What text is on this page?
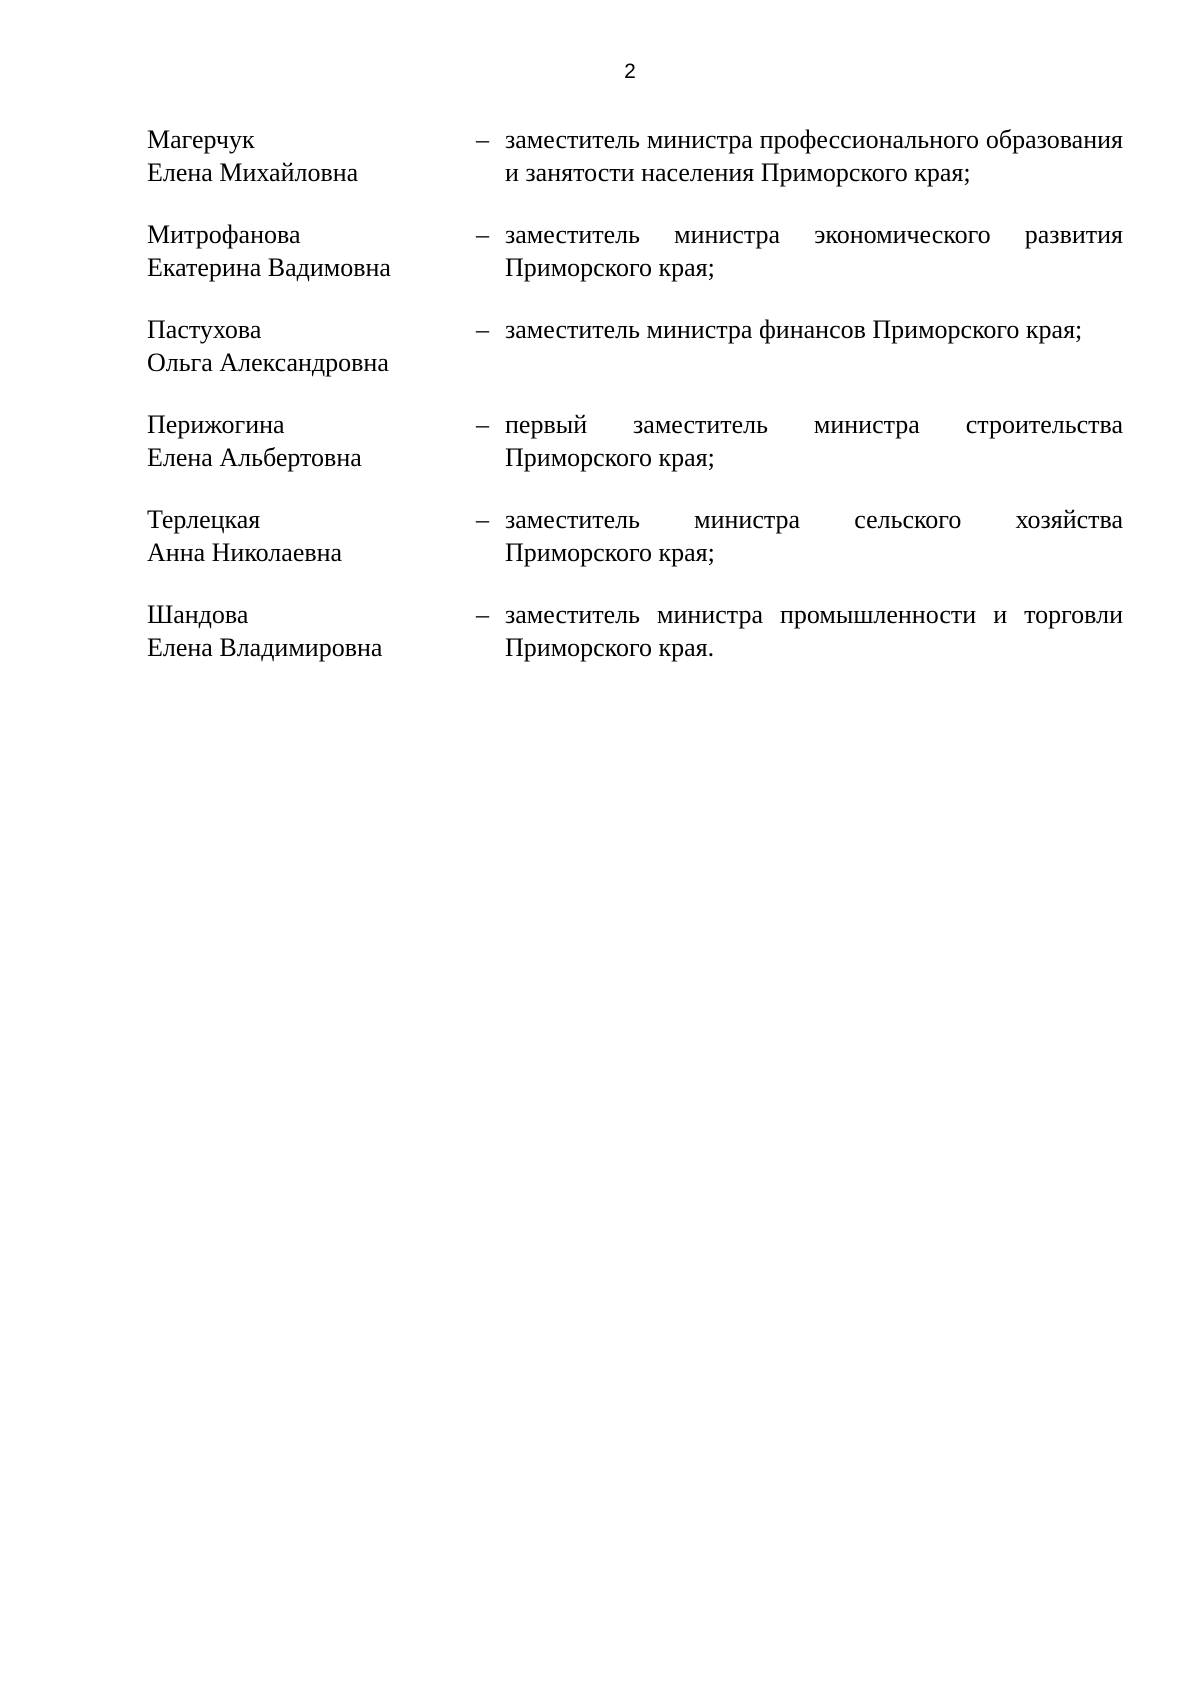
2
Магерчук
Елена Михайловна
– заместитель министра профессионального образования и занятости населения Приморского края;
Митрофанова
Екатерина Вадимовна
– заместитель министра экономического развития Приморского края;
Пастухова
Ольга Александровна
– заместитель министра финансов Приморского края;
Перижогина
Елена Альбертовна
– первый заместитель министра строительства Приморского края;
Терлецкая
Анна Николаевна
– заместитель министра сельского хозяйства Приморского края;
Шандова
Елена Владимировна
– заместитель министра промышленности и торговли Приморского края.
